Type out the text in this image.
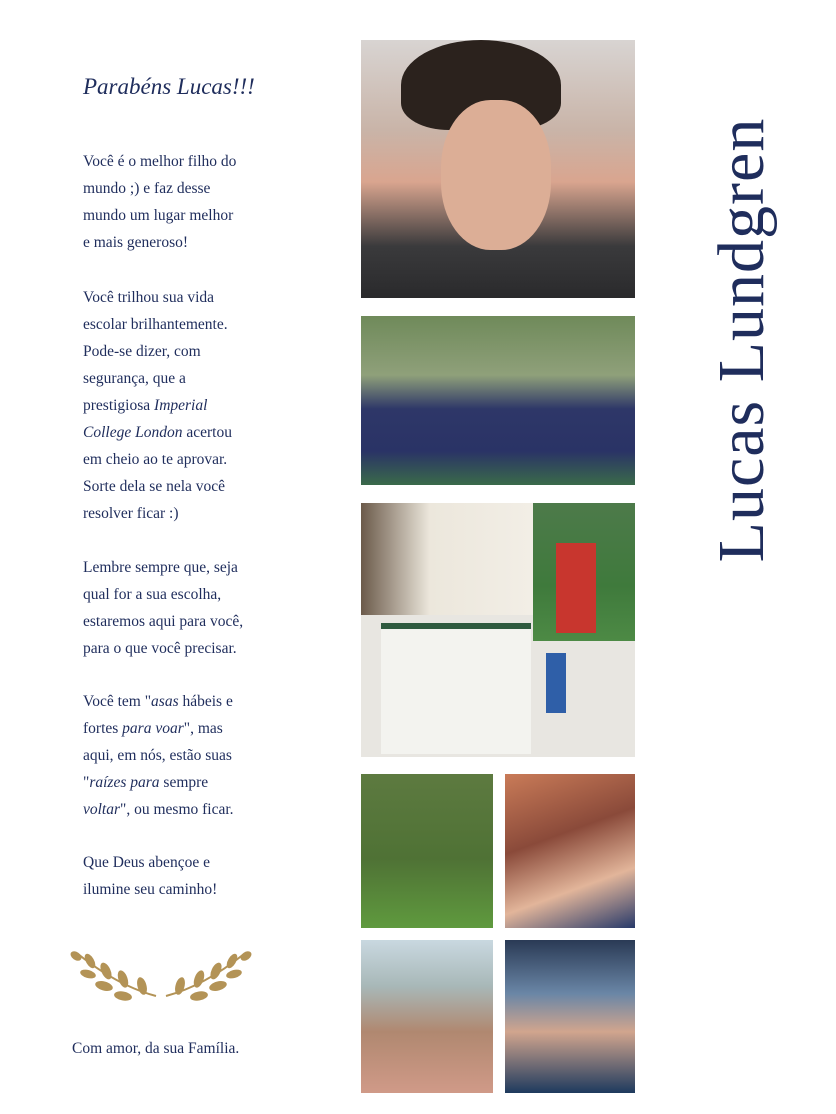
Parabéns Lucas!!!
Você é o melhor filho do
mundo ;) e faz desse
mundo um lugar melhor
e mais generoso!
Você trilhou sua vida
escolar brilhantemente.
Pode-se dizer, com
segurança, que a
prestigiosa Imperial
College London acertou
em cheio ao te aprovar.
Sorte dela se nela você
resolver ficar :)
Lembre sempre que, seja
qual for a sua escolha,
estaremos aqui para você,
para o que você precisar.
Você tem "asas hábeis e
fortes para voar", mas
aqui, em nós, estão suas
"raízes para sempre
voltar", ou mesmo ficar.
Que Deus abençoe e
ilumine seu caminho!
Com amor, da sua Família.
Lucas Lundgren
